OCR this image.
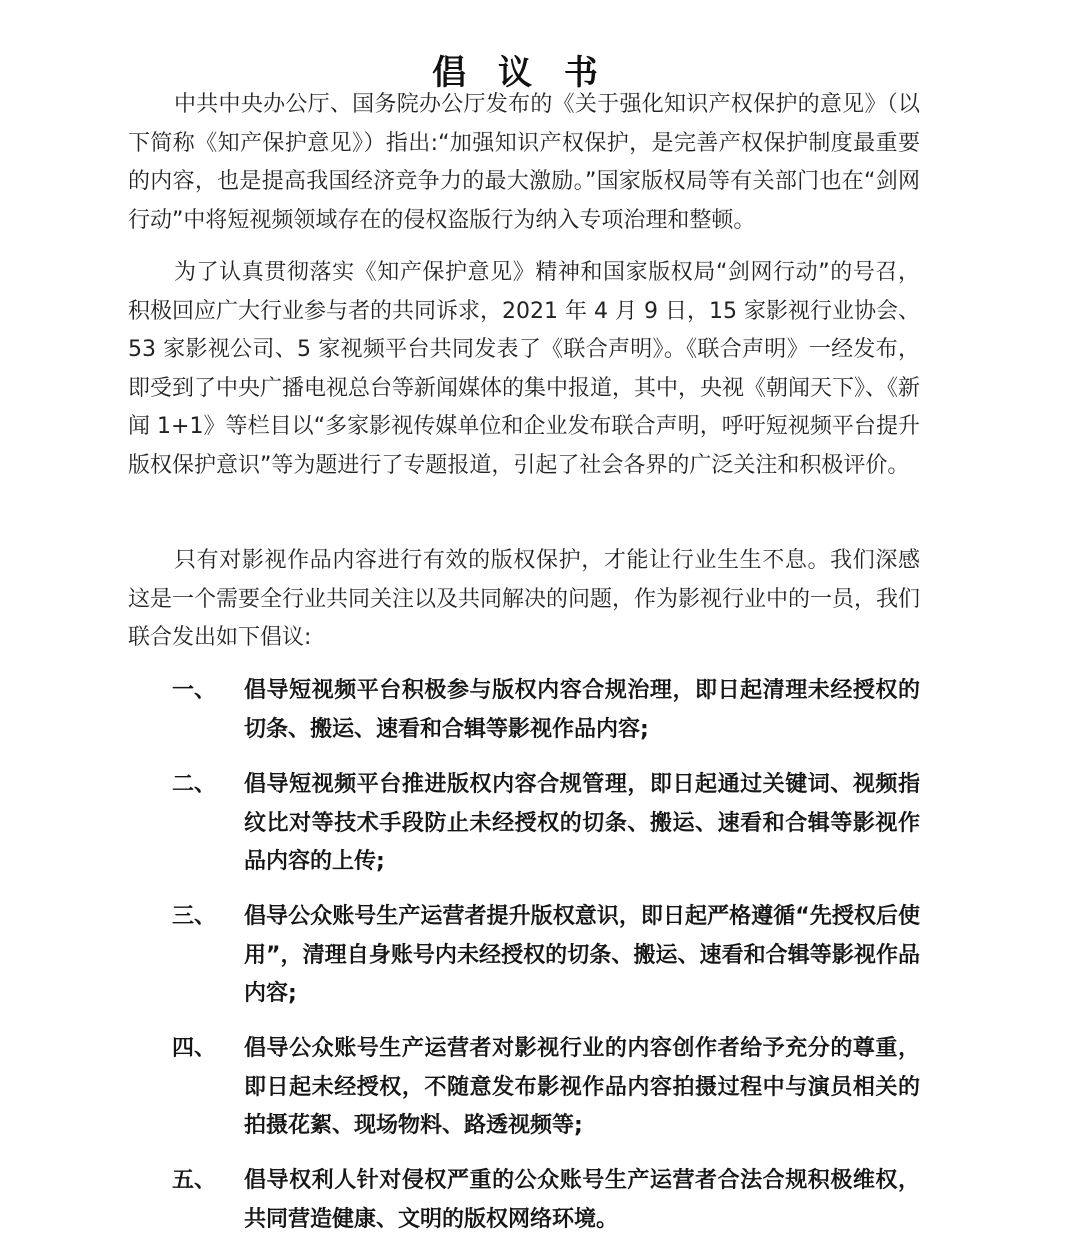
倡 议 书

中共中央办公厅、国务院办公厅发布的《关于强化知识产权保护的意见》（以下简称《知产保护意见》）指出:“加强知识产权保护，是完善产权保护制度最重要的内容，也是提高我国经济竞争力的最大激励。”国家版权局等有关部门也在“剑网行动”中将短视频领域存在的侵权盗版行为纳入专项治理和整顿。

为了认真贯彻落实《知产保护意见》精神和国家版权局“剑网行动”的号召，积极回应广大行业参与者的共同诉求，2021 年 4 月 9 日，15 家影视行业协会、53 家影视公司、5 家视频平台共同发表了《联合声明》。《联合声明》一经发布，即受到了中央广播电视总台等新闻媒体的集中报道，其中，央视《朝闻天下》、《新闻 1+1》等栏目以“多家影视传媒单位和企业发布联合声明，呼吁短视频平台提升版权保护意识”等为题进行了专题报道，引起了社会各界的广泛关注和积极评价。

只有对影视作品内容进行有效的版权保护，才能让行业生生不息。我们深感这是一个需要全行业共同关注以及共同解决的问题，作为影视行业中的一员，我们联合发出如下倡议:

一、	倡导短视频平台积极参与版权内容合规治理，即日起清理未经授权的切条、搬运、速看和合辑等影视作品内容;
二、	倡导短视频平台推进版权内容合规管理，即日起通过关键词、视频指纹比对等技术手段防止未经授权的切条、搬运、速看和合辑等影视作品内容的上传;
三、	倡导公众账号生产运营者提升版权意识，即日起严格遵循“先授权后使用”，清理自身账号内未经授权的切条、搬运、速看和合辑等影视作品内容;
四、	倡导公众账号生产运营者对影视行业的内容创作者给予充分的尊重，即日起未经授权，不随意发布影视作品内容拍摄过程中与演员相关的拍摄花絮、现场物料、路透视频等;
五、	倡导权利人针对侵权严重的公众账号生产运营者合法合规积极维权，共同营造健康、文明的版权网络环境。
